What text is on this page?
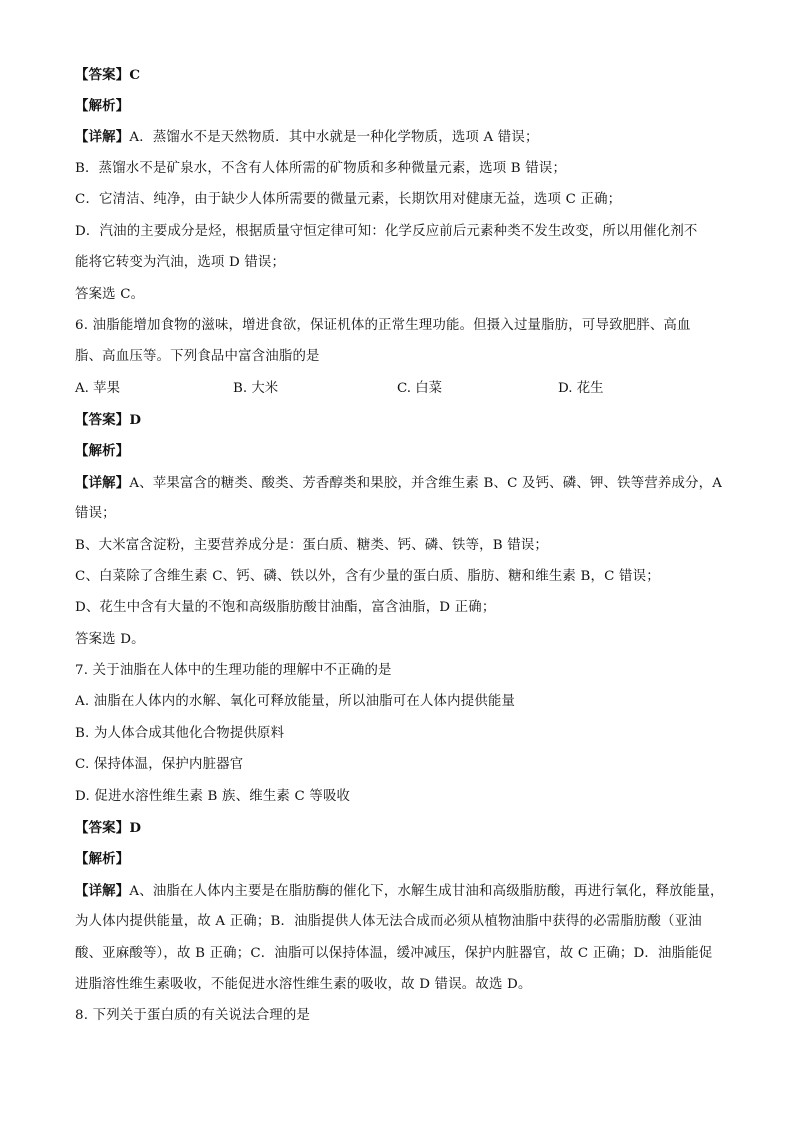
【答案】C
【解析】
【详解】A．蒸馏水不是天然物质．其中水就是一种化学物质，选项 A 错误；
B．蒸馏水不是矿泉水，不含有人体所需的矿物质和多种微量元素，选项 B 错误；
C．它清洁、纯净，由于缺少人体所需要的微量元素，长期饮用对健康无益，选项 C 正确；
D．汽油的主要成分是烃，根据质量守恒定律可知：化学反应前后元素种类不发生改变，所以用催化剂不
能将它转变为汽油，选项 D 错误；
答案选 C。
6. 油脂能增加食物的滋味，增进食欲，保证机体的正常生理功能。但摄入过量脂肪，可导致肥胖、高血
脂、高血压等。下列食品中富含油脂的是
A. 苹果	B. 大米	C. 白菜	D. 花生
【答案】D
【解析】
【详解】A、苹果富含的糖类、酸类、芳香醇类和果胶，并含维生素 B、C 及钙、磷、钾、铁等营养成分，A
错误；
B、大米富含淀粉，主要营养成分是：蛋白质、糖类、钙、磷、铁等，B 错误；
C、白菜除了含维生素 C、钙、磷、铁以外，含有少量的蛋白质、脂肪、糖和维生素 B，C 错误；
D、花生中含有大量的不饱和高级脂肪酸甘油酯，富含油脂，D 正确；
答案选 D。
7. 关于油脂在人体中的生理功能的理解中不正确的是
A. 油脂在人体内的水解、氧化可释放能量，所以油脂可在人体内提供能量
B. 为人体合成其他化合物提供原料
C. 保持体温，保护内脏器官
D. 促进水溶性维生素 B 族、维生素 C 等吸收
【答案】D
【解析】
【详解】A、油脂在人体内主要是在脂肪酶的催化下，水解生成甘油和高级脂肪酸，再进行氧化，释放能量，
为人体内提供能量，故 A 正确；B．油脂提供人体无法合成而必须从植物油脂中获得的必需脂肪酸（亚油
酸、亚麻酸等），故 B 正确；C．油脂可以保持体温，缓冲减压，保护内脏器官，故 C 正确；D．油脂能促
进脂溶性维生素吸收，不能促进水溶性维生素的吸收，故 D 错误。故选 D。
8. 下列关于蛋白质的有关说法合理的是
